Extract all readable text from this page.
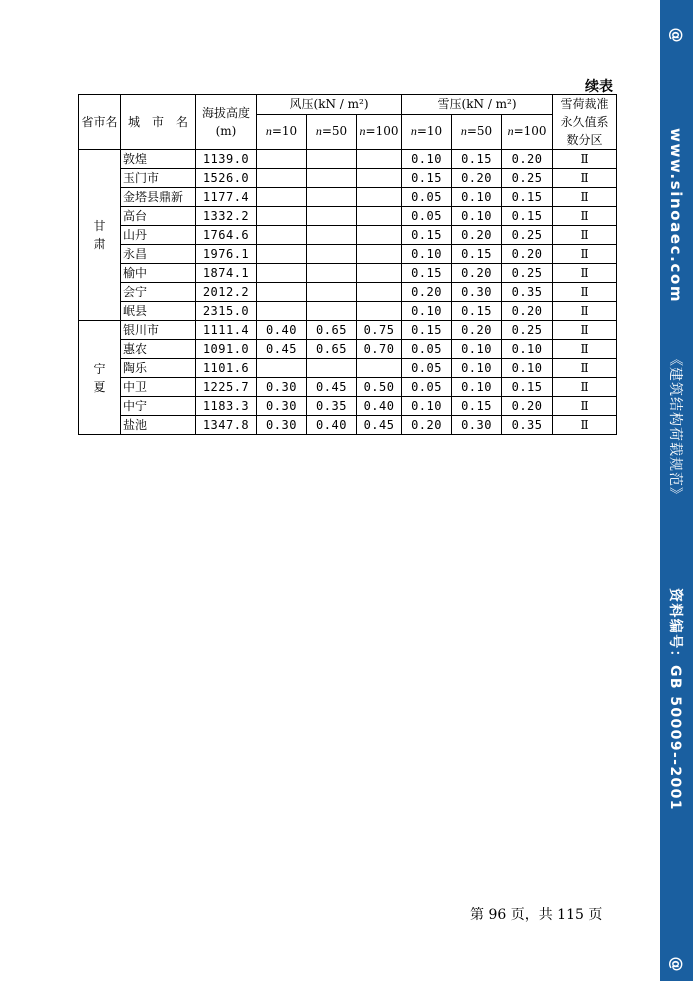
@
www.sinoaec.com
《建筑结构荷载规范》
资料编号：GB 50009--2001
@
续表
省市名	城　市　名	海拔高度
(m)	风压(kN / m²)			雪压(kN / m²)			雪荷裁准
永久值系
数分区
			n=10	n=50	n=100	n=10	n=50	n=100	

甘
肃	敦煌	1139.0				0.10	0.15	0.20	Ⅱ
	玉门市	1526.0				0.15	0.20	0.25	Ⅱ
	金塔县鼎新	1177.4				0.05	0.10	0.15	Ⅱ
	高台	1332.2				0.05	0.10	0.15	Ⅱ
	山丹	1764.6				0.15	0.20	0.25	Ⅱ
	永昌	1976.1				0.10	0.15	0.20	Ⅱ
	榆中	1874.1				0.15	0.20	0.25	Ⅱ
	会宁	2012.2				0.20	0.30	0.35	Ⅱ
	岷县	2315.0				0.10	0.15	0.20	Ⅱ

宁
夏	银川市	1111.4	0.40	0.65	0.75	0.15	0.20	0.25	Ⅱ
	惠农	1091.0	0.45	0.65	0.70	0.05	0.10	0.10	Ⅱ
	陶乐	1101.6				0.05	0.10	0.10	Ⅱ
	中卫	1225.7	0.30	0.45	0.50	0.05	0.10	0.15	Ⅱ
	中宁	1183.3	0.30	0.35	0.40	0.10	0.15	0.20	Ⅱ
	盐池	1347.8	0.30	0.40	0.45	0.20	0.30	0.35	Ⅱ
第 96 页，共 115 页
